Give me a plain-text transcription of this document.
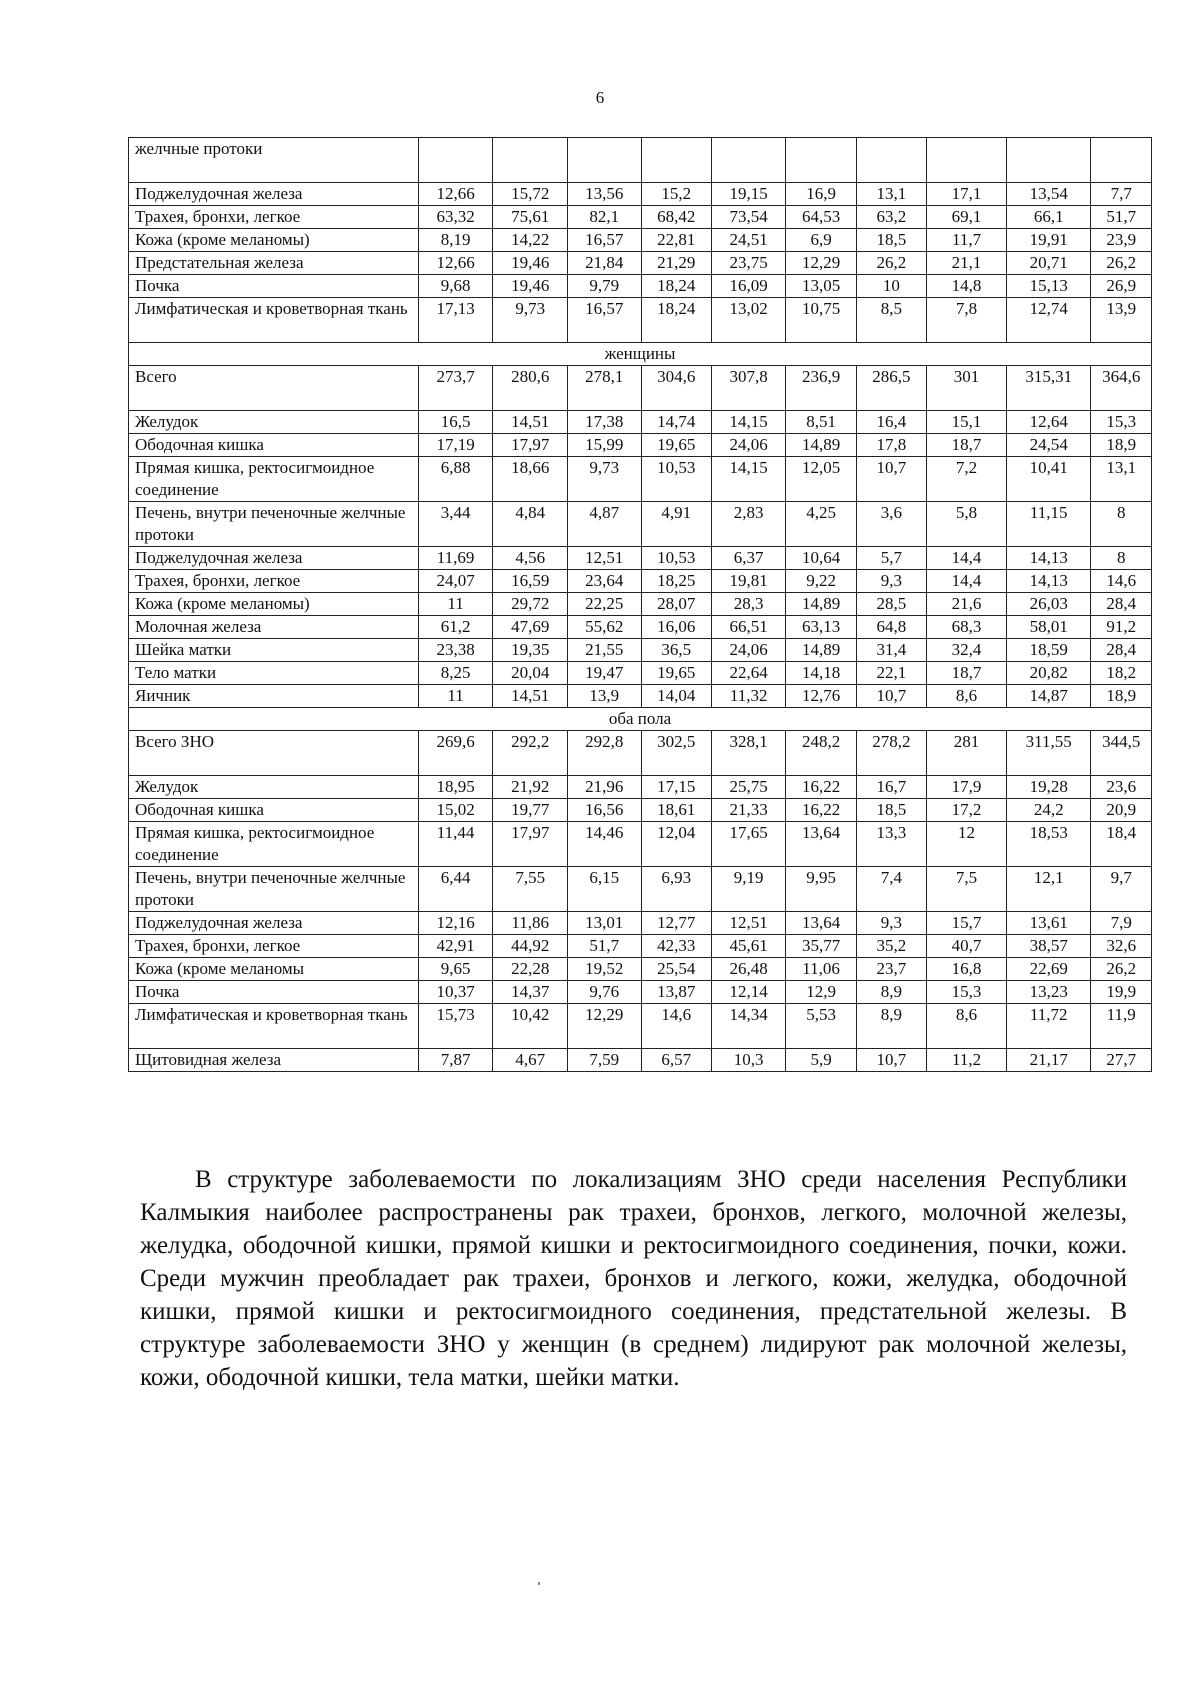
6
желчные протоки										
Поджелудочная железа	12,66	15,72	13,56	15,2	19,15	16,9	13,1	17,1	13,54	7,7
Трахея, бронхи, легкое	63,32	75,61	82,1	68,42	73,54	64,53	63,2	69,1	66,1	51,7
Кожа (кроме меланомы)	8,19	14,22	16,57	22,81	24,51	6,9	18,5	11,7	19,91	23,9
Предстательная железа	12,66	19,46	21,84	21,29	23,75	12,29	26,2	21,1	20,71	26,2
Почка	9,68	19,46	9,79	18,24	16,09	13,05	10	14,8	15,13	26,9
Лимфатическая и кроветворная ткань	17,13	9,73	16,57	18,24	13,02	10,75	8,5	7,8	12,74	13,9
женщины										
Всего	273,7	280,6	278,1	304,6	307,8	236,9	286,5	301	315,31	364,6
Желудок	16,5	14,51	17,38	14,74	14,15	8,51	16,4	15,1	12,64	15,3
Ободочная кишка	17,19	17,97	15,99	19,65	24,06	14,89	17,8	18,7	24,54	18,9
Прямая кишка, ректосигмоидное соединение	6,88	18,66	9,73	10,53	14,15	12,05	10,7	7,2	10,41	13,1
Печень, внутри печеночные желчные протоки	3,44	4,84	4,87	4,91	2,83	4,25	3,6	5,8	11,15	8
Поджелудочная железа	11,69	4,56	12,51	10,53	6,37	10,64	5,7	14,4	14,13	8
Трахея, бронхи, легкое	24,07	16,59	23,64	18,25	19,81	9,22	9,3	14,4	14,13	14,6
Кожа (кроме меланомы)	11	29,72	22,25	28,07	28,3	14,89	28,5	21,6	26,03	28,4
Молочная железа	61,2	47,69	55,62	16,06	66,51	63,13	64,8	68,3	58,01	91,2
Шейка матки	23,38	19,35	21,55	36,5	24,06	14,89	31,4	32,4	18,59	28,4
Тело матки	8,25	20,04	19,47	19,65	22,64	14,18	22,1	18,7	20,82	18,2
Яичник	11	14,51	13,9	14,04	11,32	12,76	10,7	8,6	14,87	18,9
оба пола										
Всего ЗНО	269,6	292,2	292,8	302,5	328,1	248,2	278,2	281	311,55	344,5
Желудок	18,95	21,92	21,96	17,15	25,75	16,22	16,7	17,9	19,28	23,6
Ободочная кишка	15,02	19,77	16,56	18,61	21,33	16,22	18,5	17,2	24,2	20,9
Прямая кишка, ректосигмоидное соединение	11,44	17,97	14,46	12,04	17,65	13,64	13,3	12	18,53	18,4
Печень, внутри печеночные желчные протоки	6,44	7,55	6,15	6,93	9,19	9,95	7,4	7,5	12,1	9,7
Поджелудочная железа	12,16	11,86	13,01	12,77	12,51	13,64	9,3	15,7	13,61	7,9
Трахея, бронхи, легкое	42,91	44,92	51,7	42,33	45,61	35,77	35,2	40,7	38,57	32,6
Кожа (кроме меланомы	9,65	22,28	19,52	25,54	26,48	11,06	23,7	16,8	22,69	26,2
Почка	10,37	14,37	9,76	13,87	12,14	12,9	8,9	15,3	13,23	19,9
Лимфатическая и кроветворная ткань	15,73	10,42	12,29	14,6	14,34	5,53	8,9	8,6	11,72	11,9
Щитовидная железа	7,87	4,67	7,59	6,57	10,3	5,9	10,7	11,2	21,17	27,7
В структуре заболеваемости по локализациям ЗНО среди населения Республики Калмыкия наиболее распространены рак трахеи, бронхов, легкого, молочной железы, желудка, ободочной кишки, прямой кишки и ректосигмоидного соединения, почки, кожи. Среди мужчин преобладает рак трахеи, бронхов и легкого, кожи, желудка, ободочной кишки, прямой кишки и ректосигмоидного соединения, предстательной железы. В структуре заболеваемости ЗНО у женщин (в среднем) лидируют рак молочной железы, кожи, ободочной кишки, тела матки, шейки матки.
